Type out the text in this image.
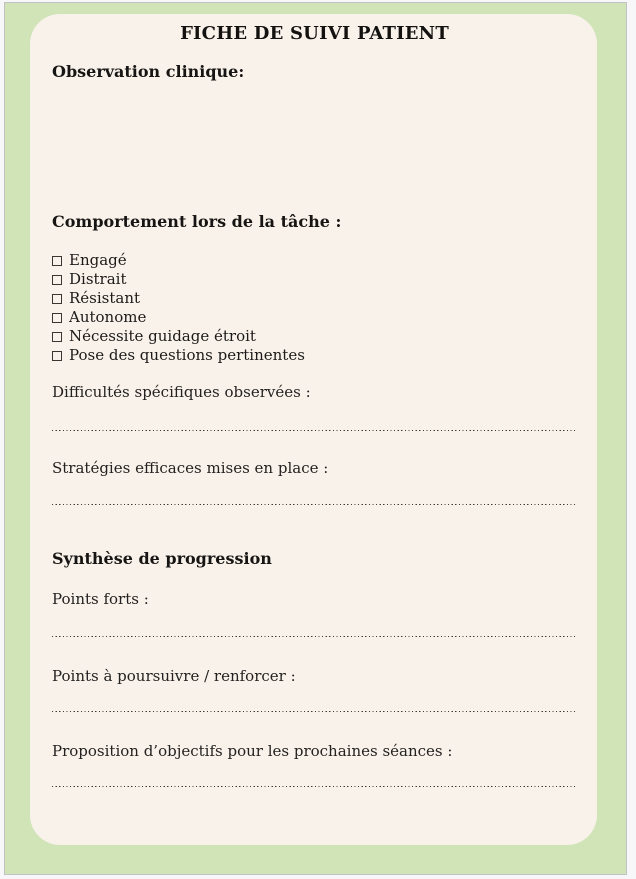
FICHE DE SUIVI PATIENT
Observation clinique:
Comportement lors de la tâche :
Engagé
Distrait
Résistant
Autonome
Nécessite guidage étroit
Pose des questions pertinentes
Difficultés spécifiques observées :
Stratégies efficaces mises en place :
Synthèse de progression
Points forts :
Points à poursuivre / renforcer :
Proposition d’objectifs pour les prochaines séances :
